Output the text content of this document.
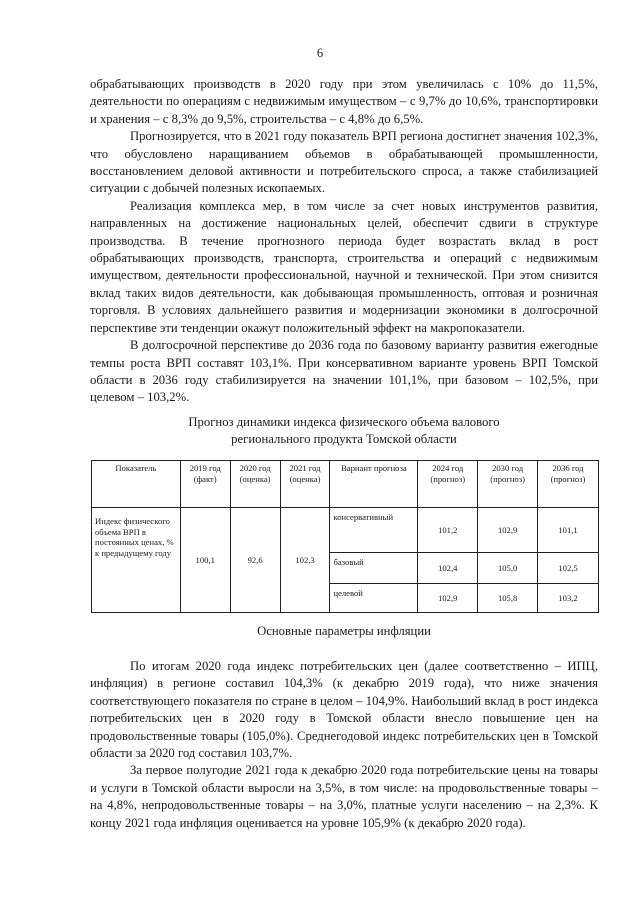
6

обрабатывающих производств в 2020 году при этом увеличилась с 10% до 11,5%, деятельности по операциям с недвижимым имуществом – с 9,7% до 10,6%, транспортировки и хранения – с 8,3% до 9,5%, строительства – с 4,8% до 6,5%.

Прогнозируется, что в 2021 году показатель ВРП региона достигнет значения 102,3%, что обусловлено наращиванием объемов в обрабатывающей промышленности, восстановлением деловой активности и потребительского спроса, а также стабилизацией ситуации с добычей полезных ископаемых.

Реализация комплекса мер, в том числе за счет новых инструментов развития, направленных на достижение национальных целей, обеспечит сдвиги в структуре производства. В течение прогнозного периода будет возрастать вклад в рост обрабатывающих производств, транспорта, строительства и операций с недвижимым имуществом, деятельности профессиональной, научной и технической. При этом снизится вклад таких видов деятельности, как добывающая промышленность, оптовая и розничная торговля. В условиях дальнейшего развития и модернизации экономики в долгосрочной перспективе эти тенденции окажут положительный эффект на макропоказатели.

В долгосрочной перспективе до 2036 года по базовому варианту развития ежегодные темпы роста ВРП составят 103,1%. При консервативном варианте уровень ВРП Томской области в 2036 году стабилизируется на значении 101,1%, при базовом – 102,5%, при целевом – 103,2%.

Прогноз динамики индекса физического объема валового
регионального продукта Томской области
Показатель	2019 год (факт)	2020 год (оценка)	2021 год (оценка)	Вариант прогноза	2024 год (прогноз)	2030 год (прогноз)	2036 год (прогноз)
Индекс физического объема ВРП в постоянных ценах, % к предыдущему году	100,1	92,6	102,3	консервативный	101,2	102,9	101,1
				базовый	102,4	105,0	102,5
				целевой	102,9	105,8	103,2
Основные параметры инфляции

По итогам 2020 года индекс потребительских цен (далее соответственно – ИПЦ, инфляция) в регионе составил 104,3% (к декабрю 2019 года), что ниже значения соответствующего показателя по стране в целом – 104,9%. Наибольший вклад в рост индекса потребительских цен в 2020 году в Томской области внесло повышение цен на продовольственные товары (105,0%). Среднегодовой индекс потребительских цен в Томской области за 2020 год составил 103,7%.

За первое полугодие 2021 года к декабрю 2020 года потребительские цены на товары и услуги в Томской области выросли на 3,5%, в том числе: на продовольственные товары – на 4,8%, непродовольственные товары – на 3,0%, платные услуги населению – на 2,3%. К концу 2021 года инфляция оценивается на уровне 105,9% (к декабрю 2020 года).
